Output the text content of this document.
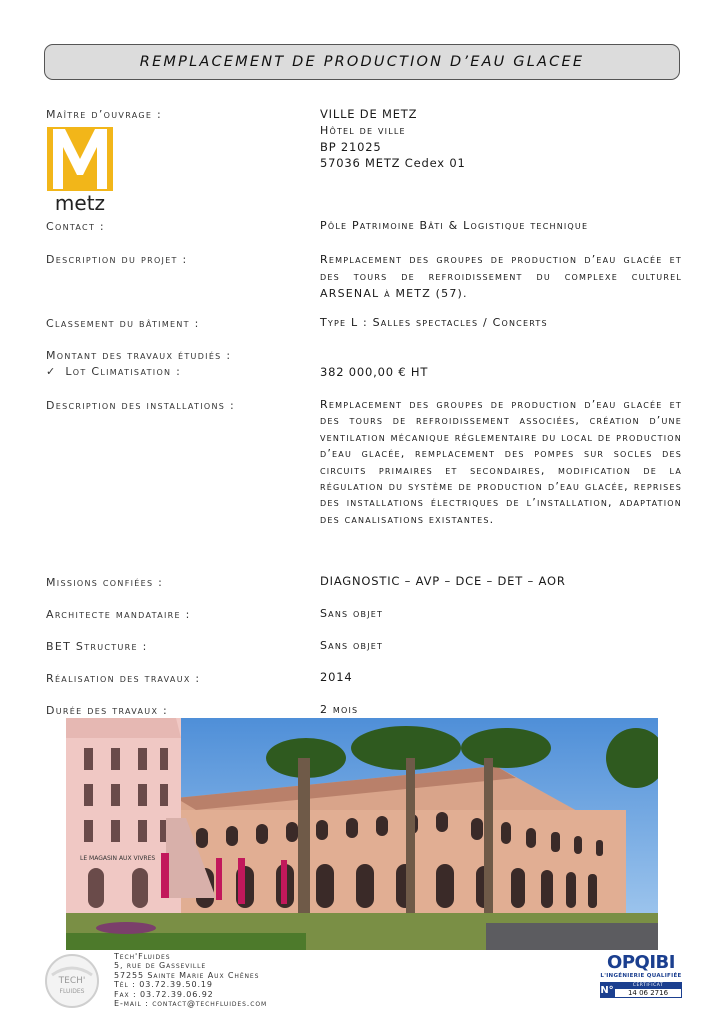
REMPLACEMENT DE PRODUCTION D’EAU GLACEE
Maître d’ouvrage :	VILLE DE METZ
Hôtel de ville
BP 21025
57036 METZ Cedex 01
metz
Contact :	Pôle Patrimoine Bâti & Logistique technique
Description du projet :	Remplacement des groupes de production d’eau glacée et des tours de refroidissement du complexe culturel ARSENAL à METZ (57).
Classement du bâtiment :	Type L : Salles spectacles / Concerts
Montant des travaux étudiés :
✓ Lot Climatisation :	382 000,00 € HT
Description des installations :	Remplacement des groupes de production d’eau glacée et des tours de refroidissement associées, création d’une ventilation mécanique réglementaire du local de production d’eau glacée, remplacement des pompes sur socles des circuits primaires et secondaires, modification de la régulation du système de production d’eau glacée, reprises des installations électriques de l’installation, adaptation des canalisations existantes.
Missions confiées :	DIAGNOSTIC – AVP – DCE – DET – AOR
Architecte mandataire :	Sans objet
BET Structure :	Sans objet
Réalisation des travaux :	2014
Durée des travaux :	2 mois
LE MAGASIN AUX VIVRES
TECH'
FLUIDES
Tech'Fluides
5, rue de Gasseville
57255 Sainte Marie Aux Chênes
Tél : 03.72.39.50.19
Fax : 03.72.39.06.92
E-mail : contact@techfluides.com
OPQIBI
L'INGÉNIERIE QUALIFIÉE
N°	CERTIFICAT
14 06 2716
